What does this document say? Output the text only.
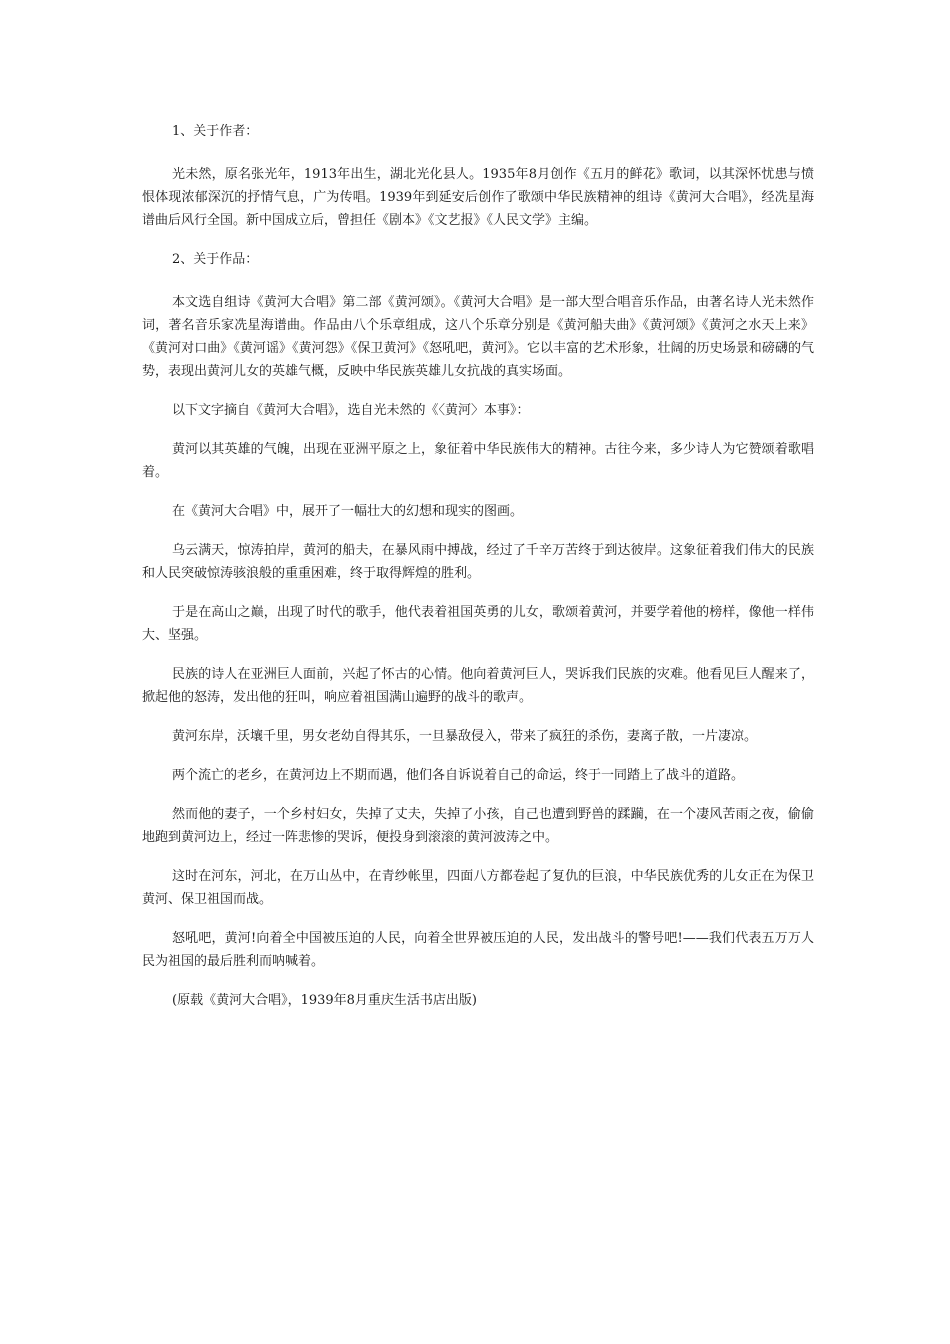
1、关于作者：

光未然，原名张光年，1913年出生，湖北光化县人。1935年8月创作《五月的鲜花》歌词，以其深怀忧患与愤恨体现浓郁深沉的抒情气息，广为传唱。1939年到延安后创作了歌颂中华民族精神的组诗《黄河大合唱》，经冼星海谱曲后风行全国。新中国成立后，曾担任《剧本》《文艺报》《人民文学》主编。

2、关于作品：

本文选自组诗《黄河大合唱》第二部《黄河颂》。《黄河大合唱》是一部大型合唱音乐作品，由著名诗人光未然作词，著名音乐家冼星海谱曲。作品由八个乐章组成，这八个乐章分别是《黄河船夫曲》《黄河颂》《黄河之水天上来》《黄河对口曲》《黄河谣》《黄河怨》《保卫黄河》《怒吼吧，黄河》。它以丰富的艺术形象，壮阔的历史场景和磅礴的气势，表现出黄河儿女的英雄气概，反映中华民族英雄儿女抗战的真实场面。

以下文字摘自《黄河大合唱》，选自光未然的《〈黄河〉本事》：

黄河以其英雄的气魄，出现在亚洲平原之上，象征着中华民族伟大的精神。古往今来，多少诗人为它赞颂着歌唱着。

在《黄河大合唱》中，展开了一幅壮大的幻想和现实的图画。

乌云满天，惊涛拍岸，黄河的船夫，在暴风雨中搏战，经过了千辛万苦终于到达彼岸。这象征着我们伟大的民族和人民突破惊涛骇浪般的重重困难，终于取得辉煌的胜利。

于是在高山之巅，出现了时代的歌手，他代表着祖国英勇的儿女，歌颂着黄河，并要学着他的榜样，像他一样伟大、坚强。

民族的诗人在亚洲巨人面前，兴起了怀古的心情。他向着黄河巨人，哭诉我们民族的灾难。他看见巨人醒来了，掀起他的怒涛，发出他的狂叫，响应着祖国满山遍野的战斗的歌声。

黄河东岸，沃壤千里，男女老幼自得其乐，一旦暴敌侵入，带来了疯狂的杀伤，妻离子散，一片凄凉。

两个流亡的老乡，在黄河边上不期而遇，他们各自诉说着自己的命运，终于一同踏上了战斗的道路。

然而他的妻子，一个乡村妇女，失掉了丈夫，失掉了小孩，自己也遭到野兽的蹂躏，在一个凄风苦雨之夜，偷偷地跑到黄河边上，经过一阵悲惨的哭诉，便投身到滚滚的黄河波涛之中。

这时在河东，河北，在万山丛中，在青纱帐里，四面八方都卷起了复仇的巨浪，中华民族优秀的儿女正在为保卫黄河、保卫祖国而战。

怒吼吧，黄河!向着全中国被压迫的人民，向着全世界被压迫的人民，发出战斗的警号吧!——我们代表五万万人民为祖国的最后胜利而呐喊着。

(原载《黄河大合唱》，1939年8月重庆生活书店出版)
